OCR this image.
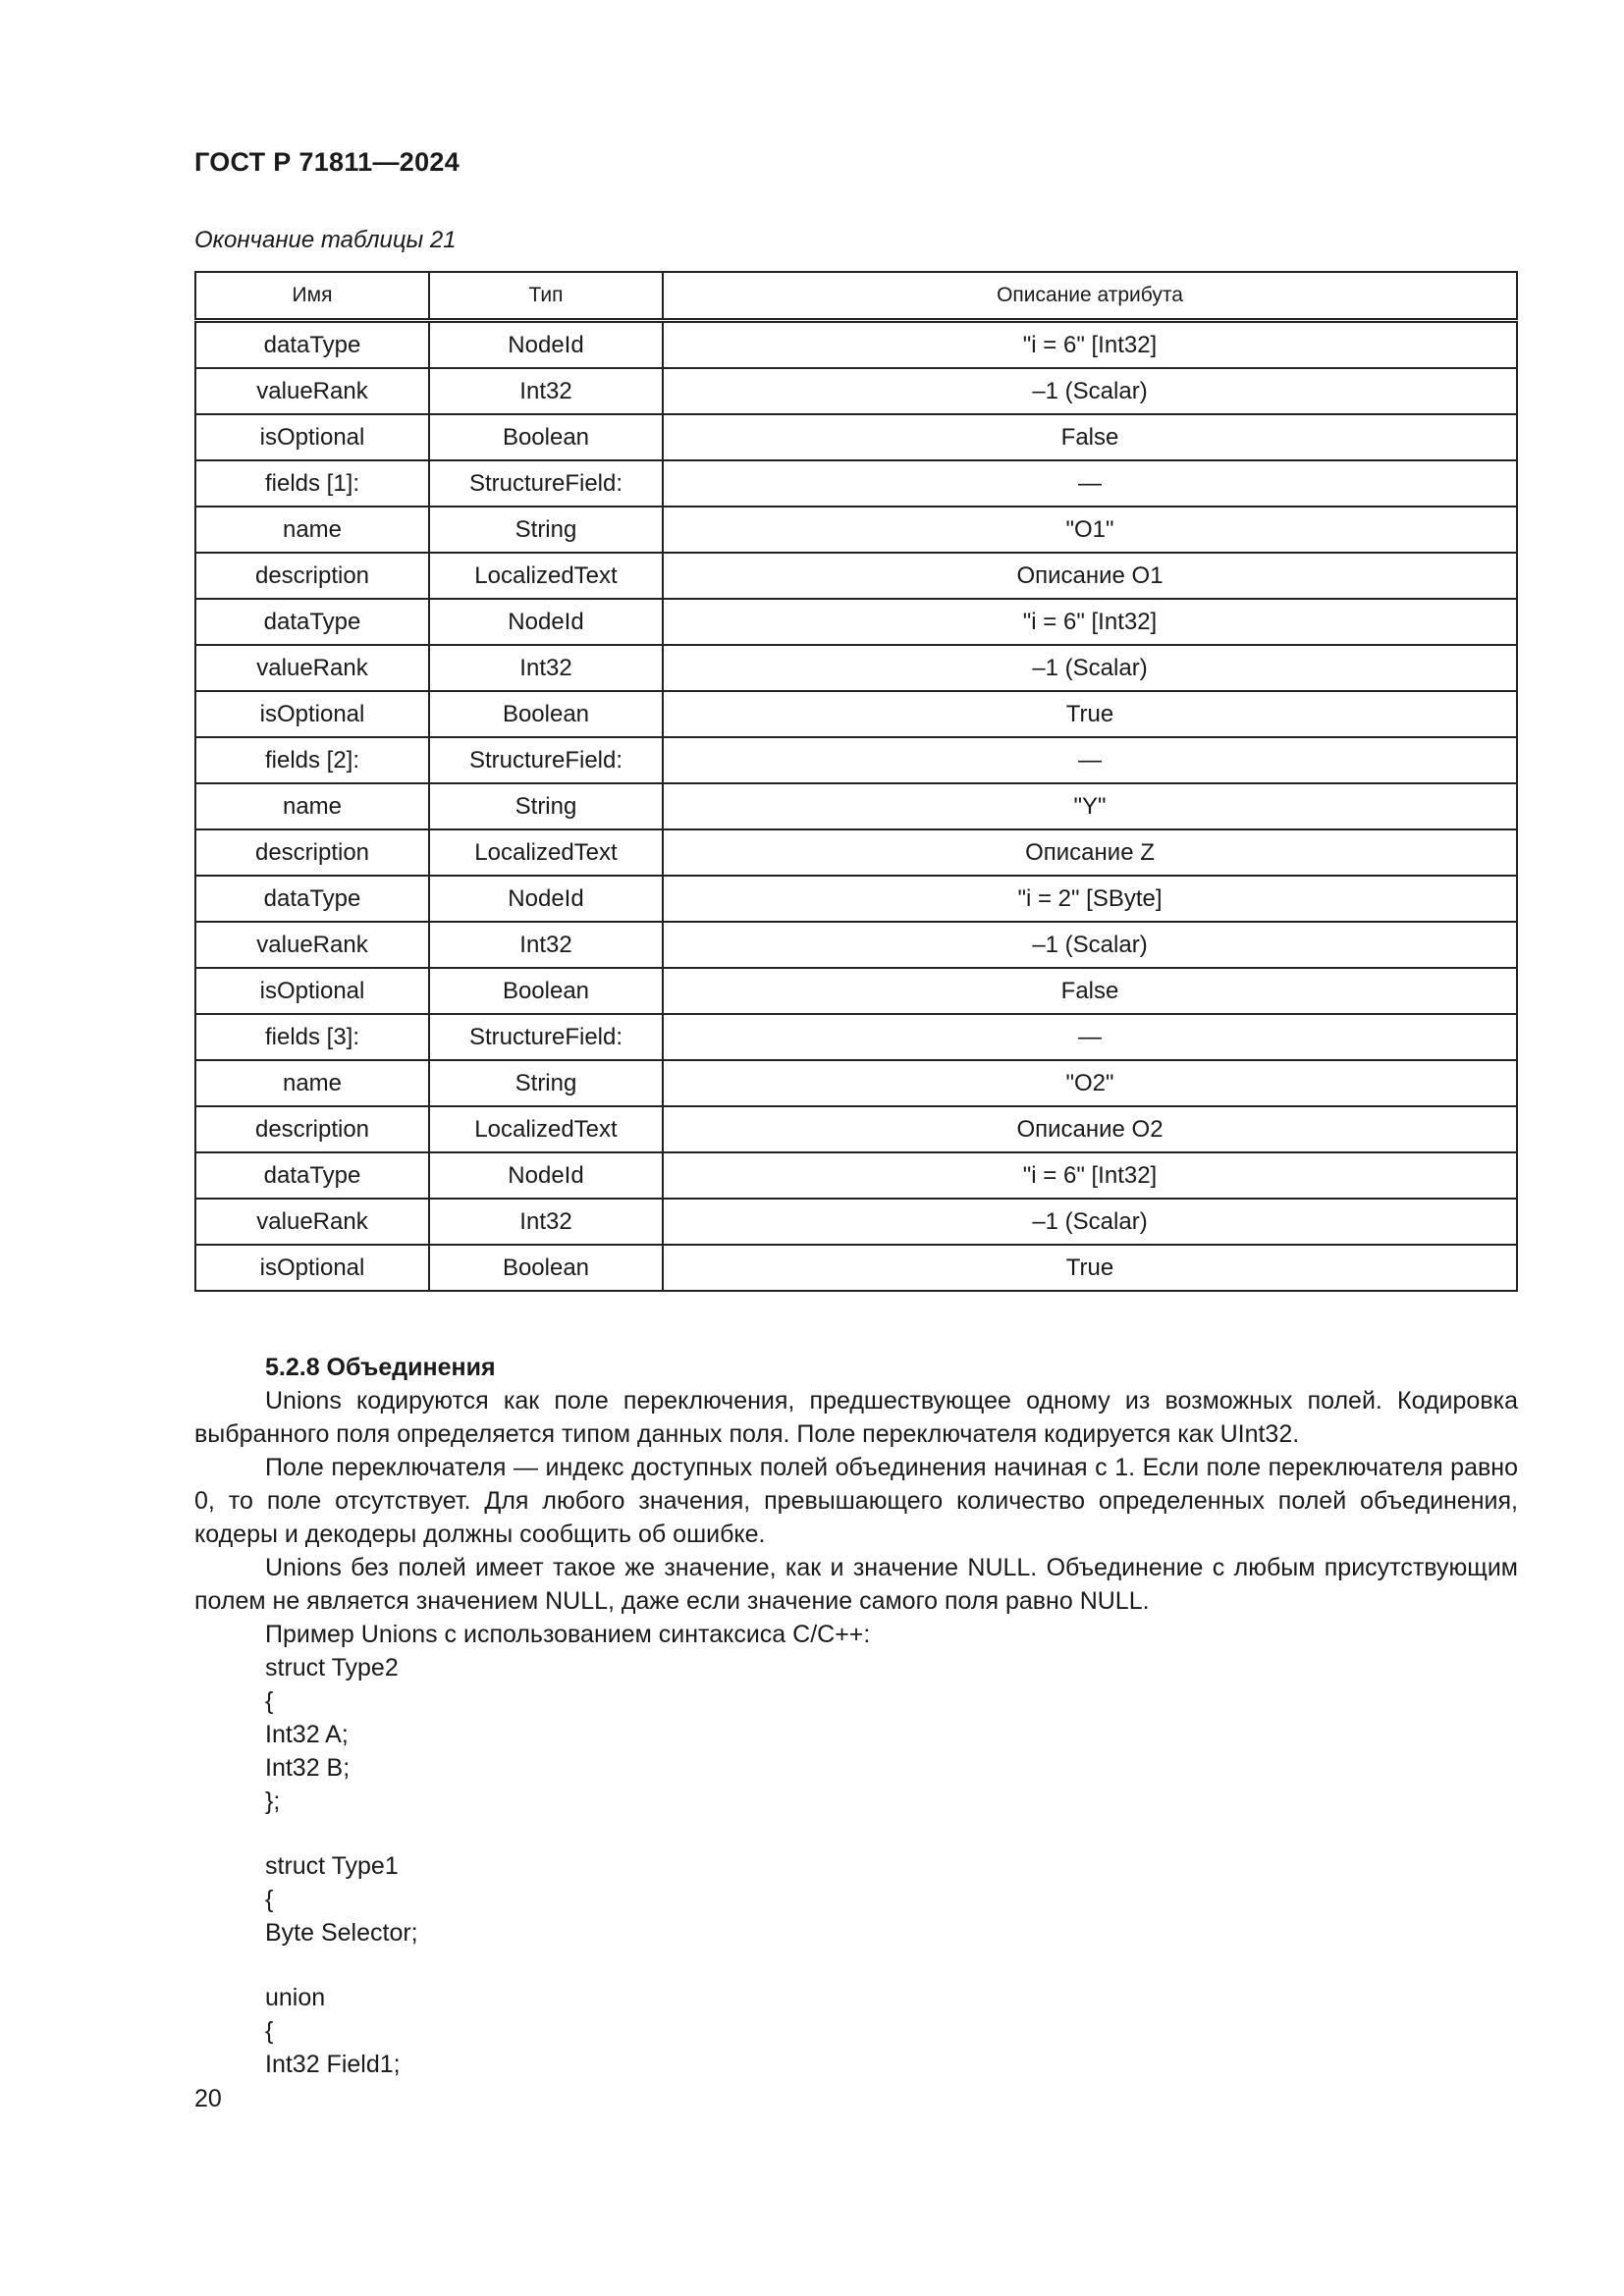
ГОСТ Р 71811—2024
Окончание таблицы 21
Имя	Тип	Описание атрибута
dataType	NodeId	"i = 6" [Int32]
valueRank	Int32	–1 (Scalar)
isOptional	Boolean	False
fields [1]:	StructureField:	—
name	String	"O1"
description	LocalizedText	Описание O1
dataType	NodeId	"i = 6" [Int32]
valueRank	Int32	–1 (Scalar)
isOptional	Boolean	True
fields [2]:	StructureField:	—
name	String	"Y"
description	LocalizedText	Описание Z
dataType	NodeId	"i = 2" [SByte]
valueRank	Int32	–1 (Scalar)
isOptional	Boolean	False
fields [3]:	StructureField:	—
name	String	"O2"
description	LocalizedText	Описание O2
dataType	NodeId	"i = 6" [Int32]
valueRank	Int32	–1 (Scalar)
isOptional	Boolean	True
5.2.8 Объединения

Unions кодируются как поле переключения, предшествующее одному из возможных полей. Кодировка выбранного поля определяется типом данных поля. Поле переключателя кодируется как UInt32.

Поле переключателя — индекс доступных полей объединения начиная с 1. Если поле переключателя равно 0, то поле отсутствует. Для любого значения, превышающего количество определенных полей объединения, кодеры и декодеры должны сообщить об ошибке.

Unions без полей имеет такое же значение, как и значение NULL. Объединение с любым присутствующим полем не является значением NULL, даже если значение самого поля равно NULL.

Пример Unions с использованием синтаксиса C/C++:

struct Type2
{
Int32 A;
Int32 B;
};
struct Type1
{
Byte Selector;
union
{
Int32 Field1;
20
